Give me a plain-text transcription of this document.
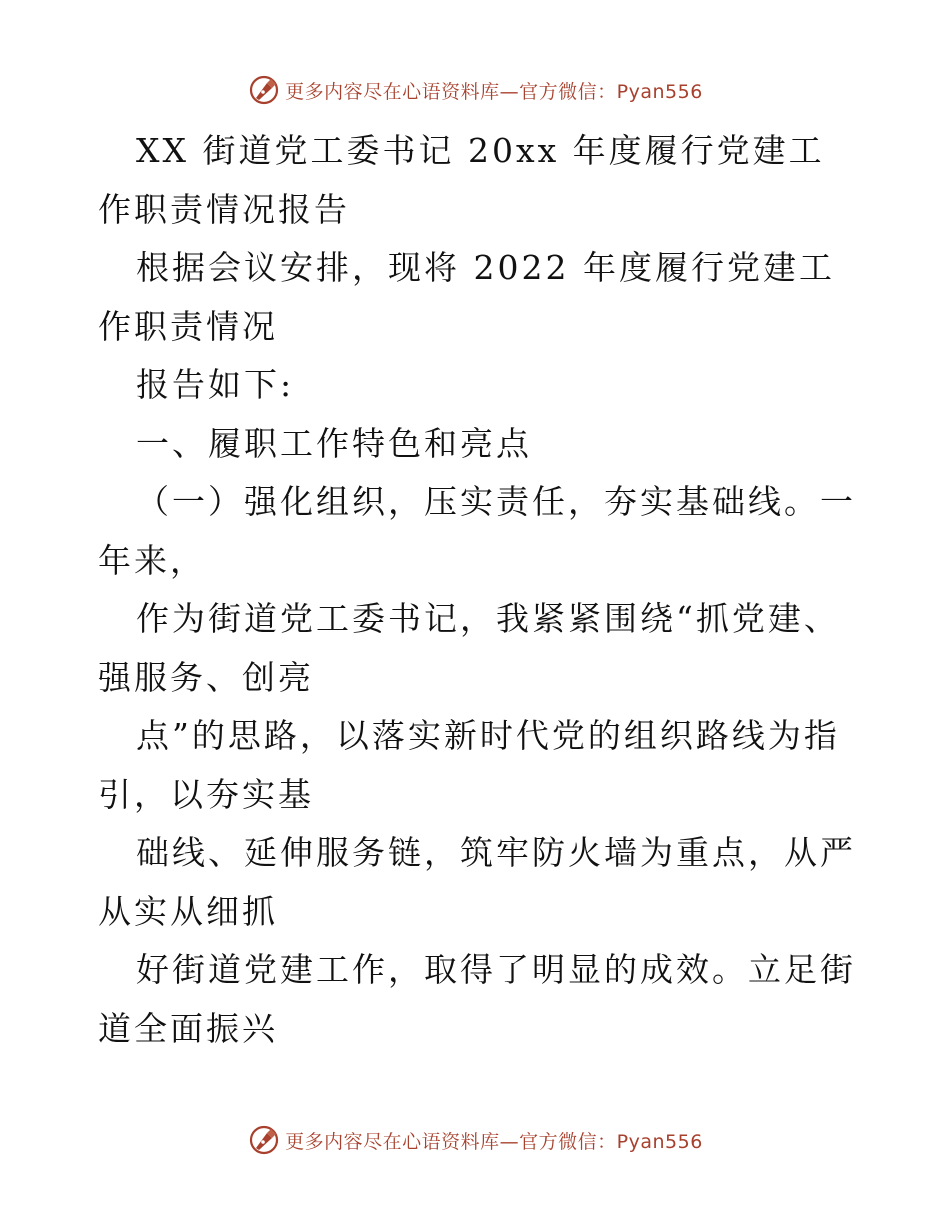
更多内容尽在心语资料库—官方微信：Pyan556

XX 街道党工委书记 20xx 年度履行党建工作职责情况报告

根据会议安排，现将 2022 年度履行党建工作职责情况

报告如下:

一、履职工作特色和亮点

（一）强化组织，压实责任，夯实基础线。一年来，

作为街道党工委书记，我紧紧围绕“抓党建、强服务、创亮

点”的思路，以落实新时代党的组织路线为指引，以夯实基

础线、延伸服务链，筑牢防火墙为重点，从严从实从细抓

好街道党建工作，取得了明显的成效。立足街道全面振兴

更多内容尽在心语资料库—官方微信：Pyan556
